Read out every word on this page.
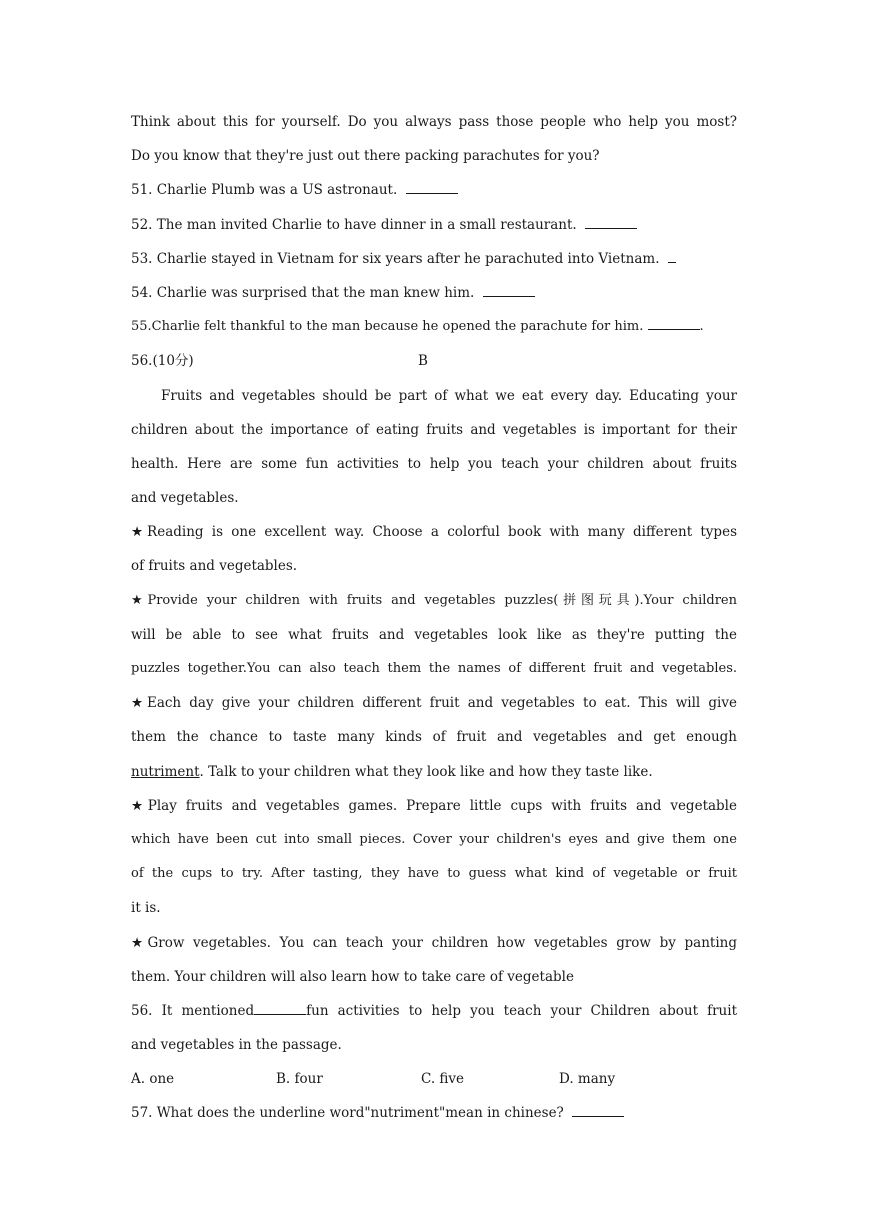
Think about this for yourself. Do you always pass those people who help you most?
Do you know that they're just out there packing parachutes for you?
51. Charlie Plumb was a US astronaut.
52. The man invited Charlie to have dinner in a small restaurant.
53. Charlie stayed in Vietnam for six years after he parachuted into Vietnam.
54. Charlie was surprised that the man knew him.
55.Charlie felt thankful to the man because he opened the parachute for him.	.
56.(10分)	B
Fruits and vegetables should be part of what we eat every day. Educating your
children about the importance of eating fruits and vegetables is important for their
health. Here are some fun activities to help you teach your children about fruits
and vegetables.
★Reading is one excellent way. Choose a colorful book with many different types
of fruits and vegetables.
★Provide your children with fruits and vegetables puzzles(拼图玩具).Your children
will be able to see what fruits and vegetables look like as they're putting the
puzzles together.You can also teach them the names of different fruit and vegetables.
★Each day give your children different fruit and vegetables to eat. This will give
them the chance to taste many kinds of fruit and vegetables and get enough
nutriment. Talk to your children what they look like and how they taste like.
★Play fruits and vegetables games. Prepare little cups with fruits and vegetable
which have been cut into small pieces. Cover your children's eyes and give them one
of the cups to try. After tasting, they have to guess what kind of vegetable or fruit
it is.
★Grow vegetables. You can teach your children how vegetables grow by panting
them. Your children will also learn how to take care of vegetable
56. It mentioned	fun activities to help you teach your Children about fruit
and vegetables in the passage.
A. one	B. four	C. five	D. many
57. What does the underline word"nutriment"mean in chinese?
